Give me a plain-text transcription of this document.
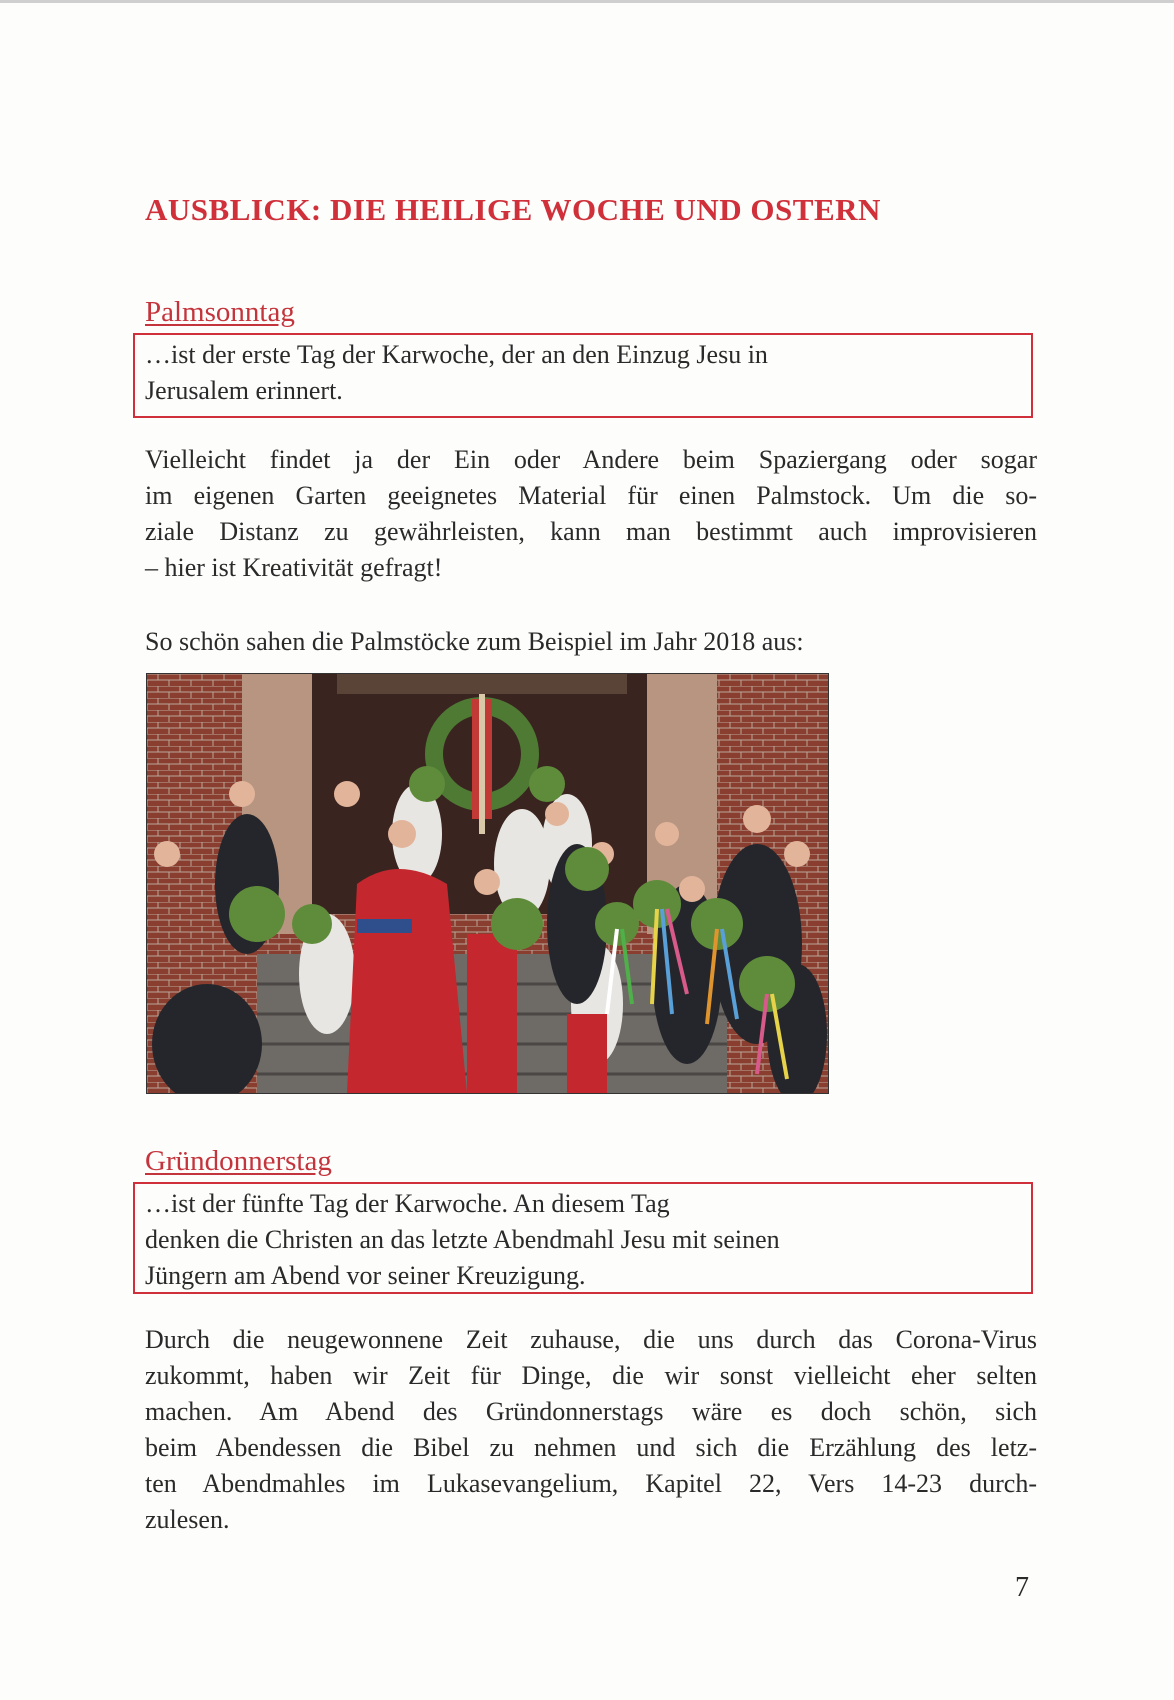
AUSBLICK: DIE HEILIGE WOCHE UND OSTERN
Palmsonntag
…ist der erste Tag der Karwoche, der an den Einzug Jesu in
Jerusalem erinnert.
Vielleicht findet ja der Ein oder Andere beim Spaziergang oder sogar
im eigenen Garten geeignetes Material für einen Palmstock. Um die so-
ziale Distanz zu gewährleisten, kann man bestimmt auch improvisieren
– hier ist Kreativität gefragt!
So schön sahen die Palmstöcke zum Beispiel im Jahr 2018 aus:
Gründonnerstag
…ist der fünfte Tag der Karwoche. An diesem Tag
denken die Christen an das letzte Abendmahl Jesu mit seinen
Jüngern am Abend vor seiner Kreuzigung.
Durch die neugewonnene Zeit zuhause, die uns durch das Corona-Virus
zukommt, haben wir Zeit für Dinge, die wir sonst vielleicht eher selten
machen. Am Abend des Gründonnerstags wäre es doch schön, sich
beim Abendessen die Bibel zu nehmen und sich die Erzählung des letz-
ten Abendmahles im Lukasevangelium, Kapitel 22, Vers 14-23 durch-
zulesen.
7
